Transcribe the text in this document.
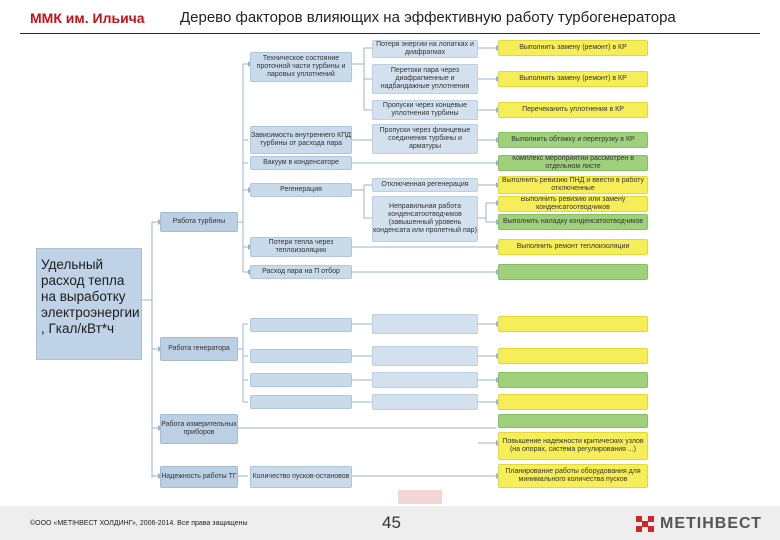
ММК им. Ильича Дерево факторов влияющих на эффективную работу турбогенератора
Удельный расход тепла на выработку электроэнергии , Гкал/кВт*ч
Работа турбины
Работа генератора
Работа измерительных приборов
Надежность работы ТГ
Техническое состояние проточной части турбины и паровых уплотнений
Зависимость внутреннего КПД турбины от расхода пара
Вакуум в конденсаторе
Регенерация
Потери тепла через теплоизоляцию
Расход пара на П отбор
Количество пусков-остановов
Потеря энергии на лопатках и диафрагмах
Перетоки пара через диафрагменные и надбандажные уплотнения
Пропуски через концевые уплотнения турбины
Пропуски через фланцевые соединения турбины и арматуры
Отключенная регенерация
Неправильная работа конденсатоотводчиков (завышенный уровень конденсата или пролетный пар)
Выполнить замену (ремонт) в КР
Выполнить замену (ремонт) в КР
Перечеканить уплотнения в КР
Выполнить обтяжку и перегрузку в КР
Комплекс мероприятий рассмотрен в отдельном листе
Выполнить ревизию ПНД и ввести в работу отключенные
Выполнить ревизию или замену конденсатоотводчиков
Выполнить наладку конденсатоотводчиков
Выполнить ремонт теплоизоляции
Повышение надежности критических узлов (на опорах, система регулирования ...)
Планирование работы оборудования для минимального количества пусков
©ООО «МЕТІНВЕСТ ХОЛДИНГ», 2006-2014. Все права защищены	45	МЕТІНВЕСТ
